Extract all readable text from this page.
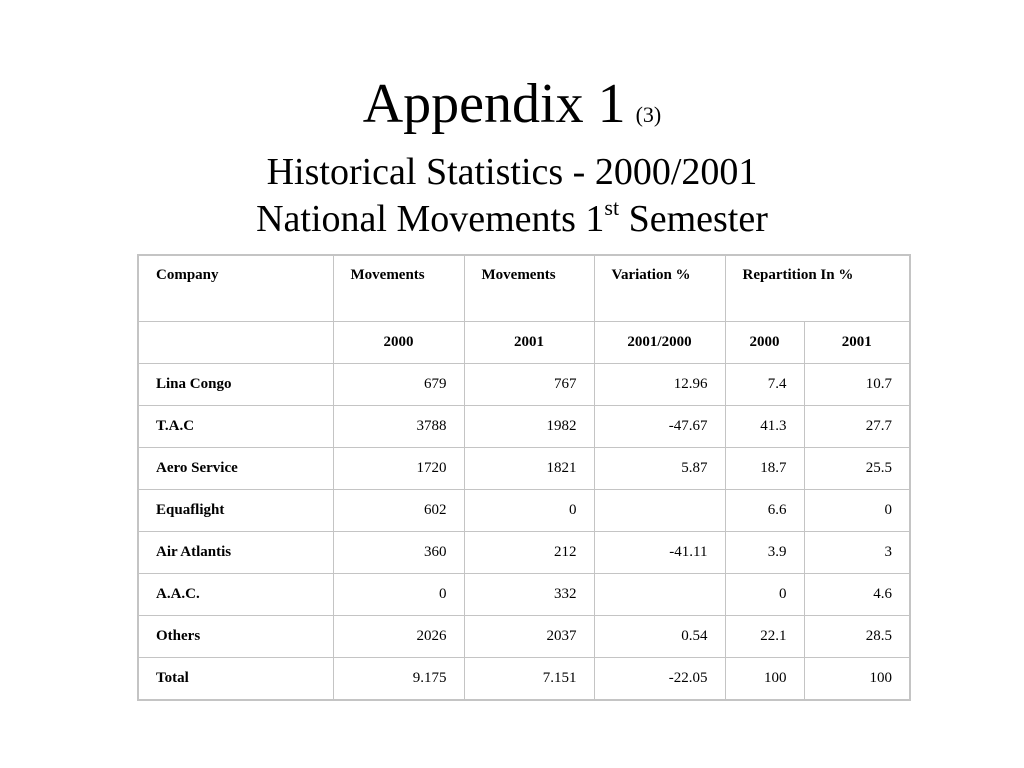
Appendix 1 (3)
Historical Statistics - 2000/2001
National Movements 1st Semester
Company	Movements	Movements	Variation %	Repartition In %	
	2000	2001	2001/2000	2000	2001
Lina Congo	679	767	12.96	7.4	10.7
T.A.C	3788	1982	-47.67	41.3	27.7
Aero Service	1720	1821	5.87	18.7	25.5
Equaflight	602	0		6.6	0
Air Atlantis	360	212	-41.11	3.9	3
A.A.C.	0	332		0	4.6
Others	2026	2037	0.54	22.1	28.5
Total	9.175	7.151	-22.05	100	100
